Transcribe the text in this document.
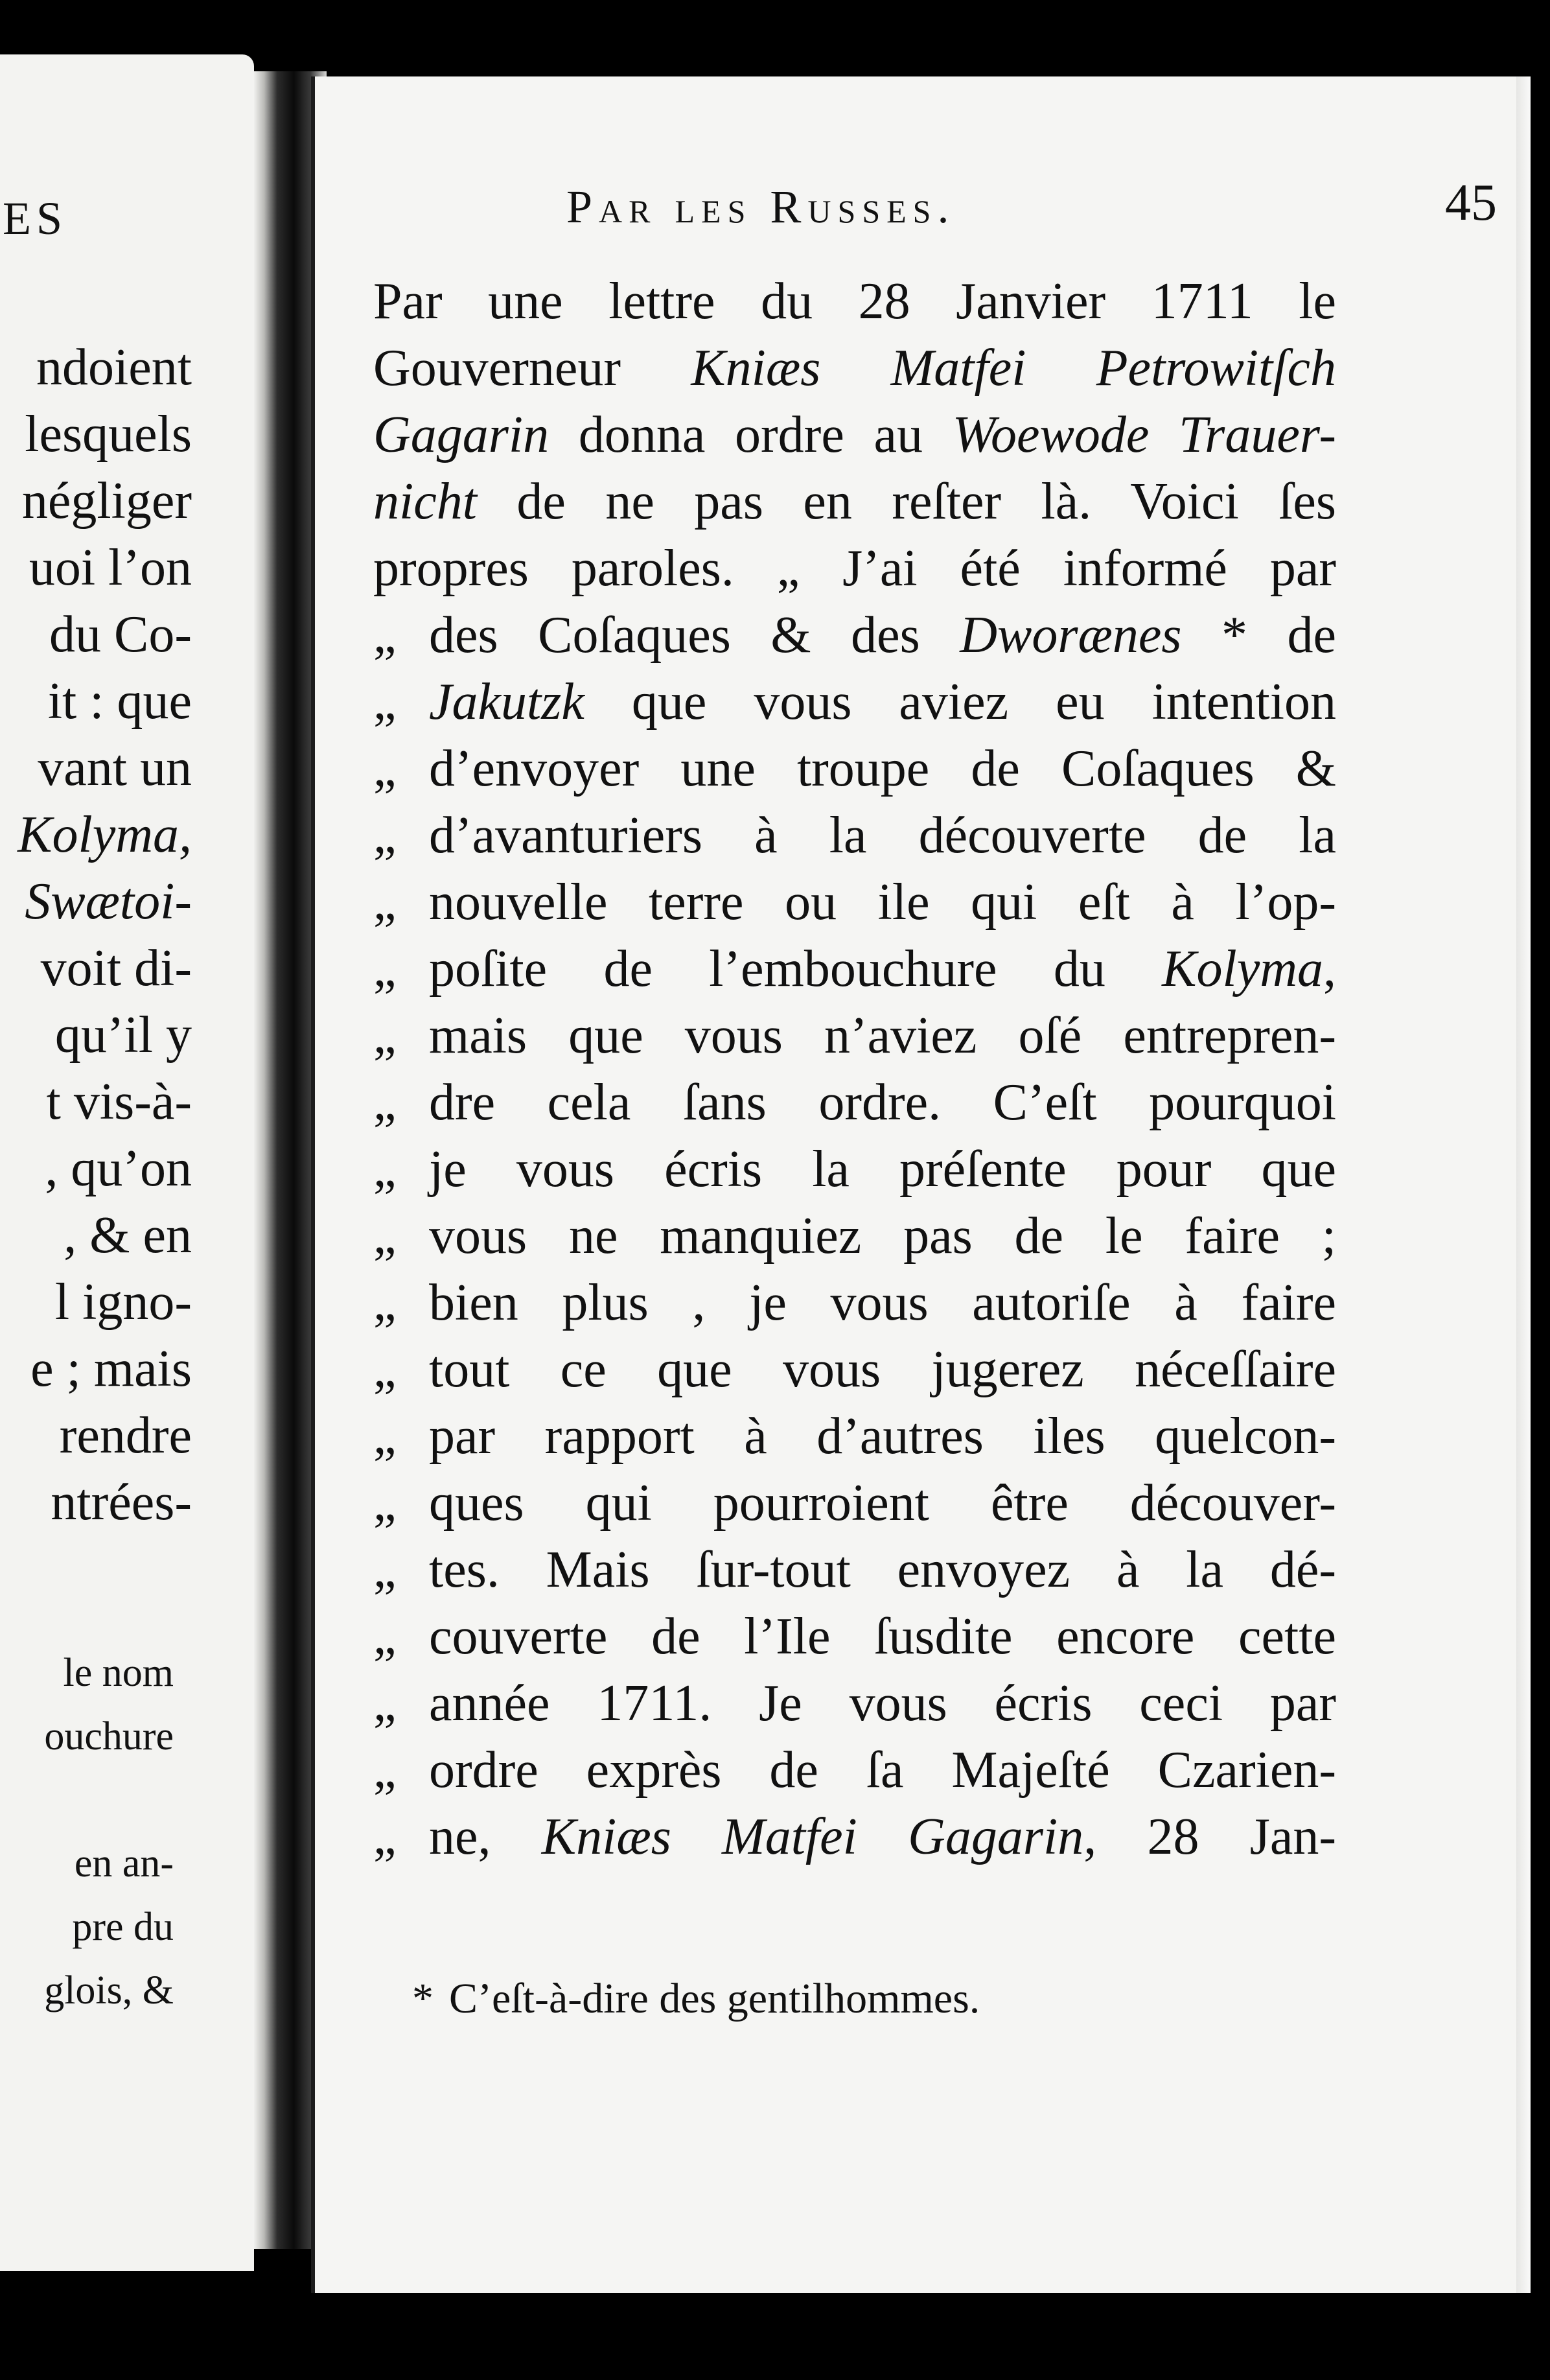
ES
ndoient
lesquels
négliger
uoi l’on
du Co-
it : que
vant un
Kolyma,
Swætoi-
voit di-
qu’il y
t vis-à-
, qu’on
, & en
l igno-
e ; mais
rendre
ntrées-
le nom
ouchure
en an-
pre du
glois, &
Par les Russes.	45
Par une lettre du 28 Janvier 1711 le
Gouverneur Kniæs Matfei Petrowitſch
Gagarin donna ordre au Woewode Trauer-
nicht de ne pas en reſter là. Voici ſes
propres paroles. „ J’ai été informé par
„ des Coſaques & des Dworænes * de
„ Jakutzk que vous aviez eu intention
„ d’envoyer une troupe de Coſaques &
„ d’avanturiers à la découverte de la
„ nouvelle terre ou ile qui eſt à l’op-
„ poſite de l’embouchure du Kolyma,
„ mais que vous n’aviez oſé entrepren-
„ dre cela ſans ordre. C’eſt pourquoi
„ je vous écris la préſente pour que
„ vous ne manquiez pas de le faire ;
„ bien plus , je vous autoriſe à faire
„ tout ce que vous jugerez néceſſaire
„ par rapport à d’autres iles quelcon-
„ ques qui pourroient être découver-
„ tes. Mais ſur-tout envoyez à la dé-
„ couverte de l’Ile ſusdite encore cette
„ année 1711. Je vous écris ceci par
„ ordre exprès de ſa Majeſté Czarien-
„ ne, Kniæs Matfei Gagarin, 28 Jan-
* C’eſt-à-dire des gentilhommes.
